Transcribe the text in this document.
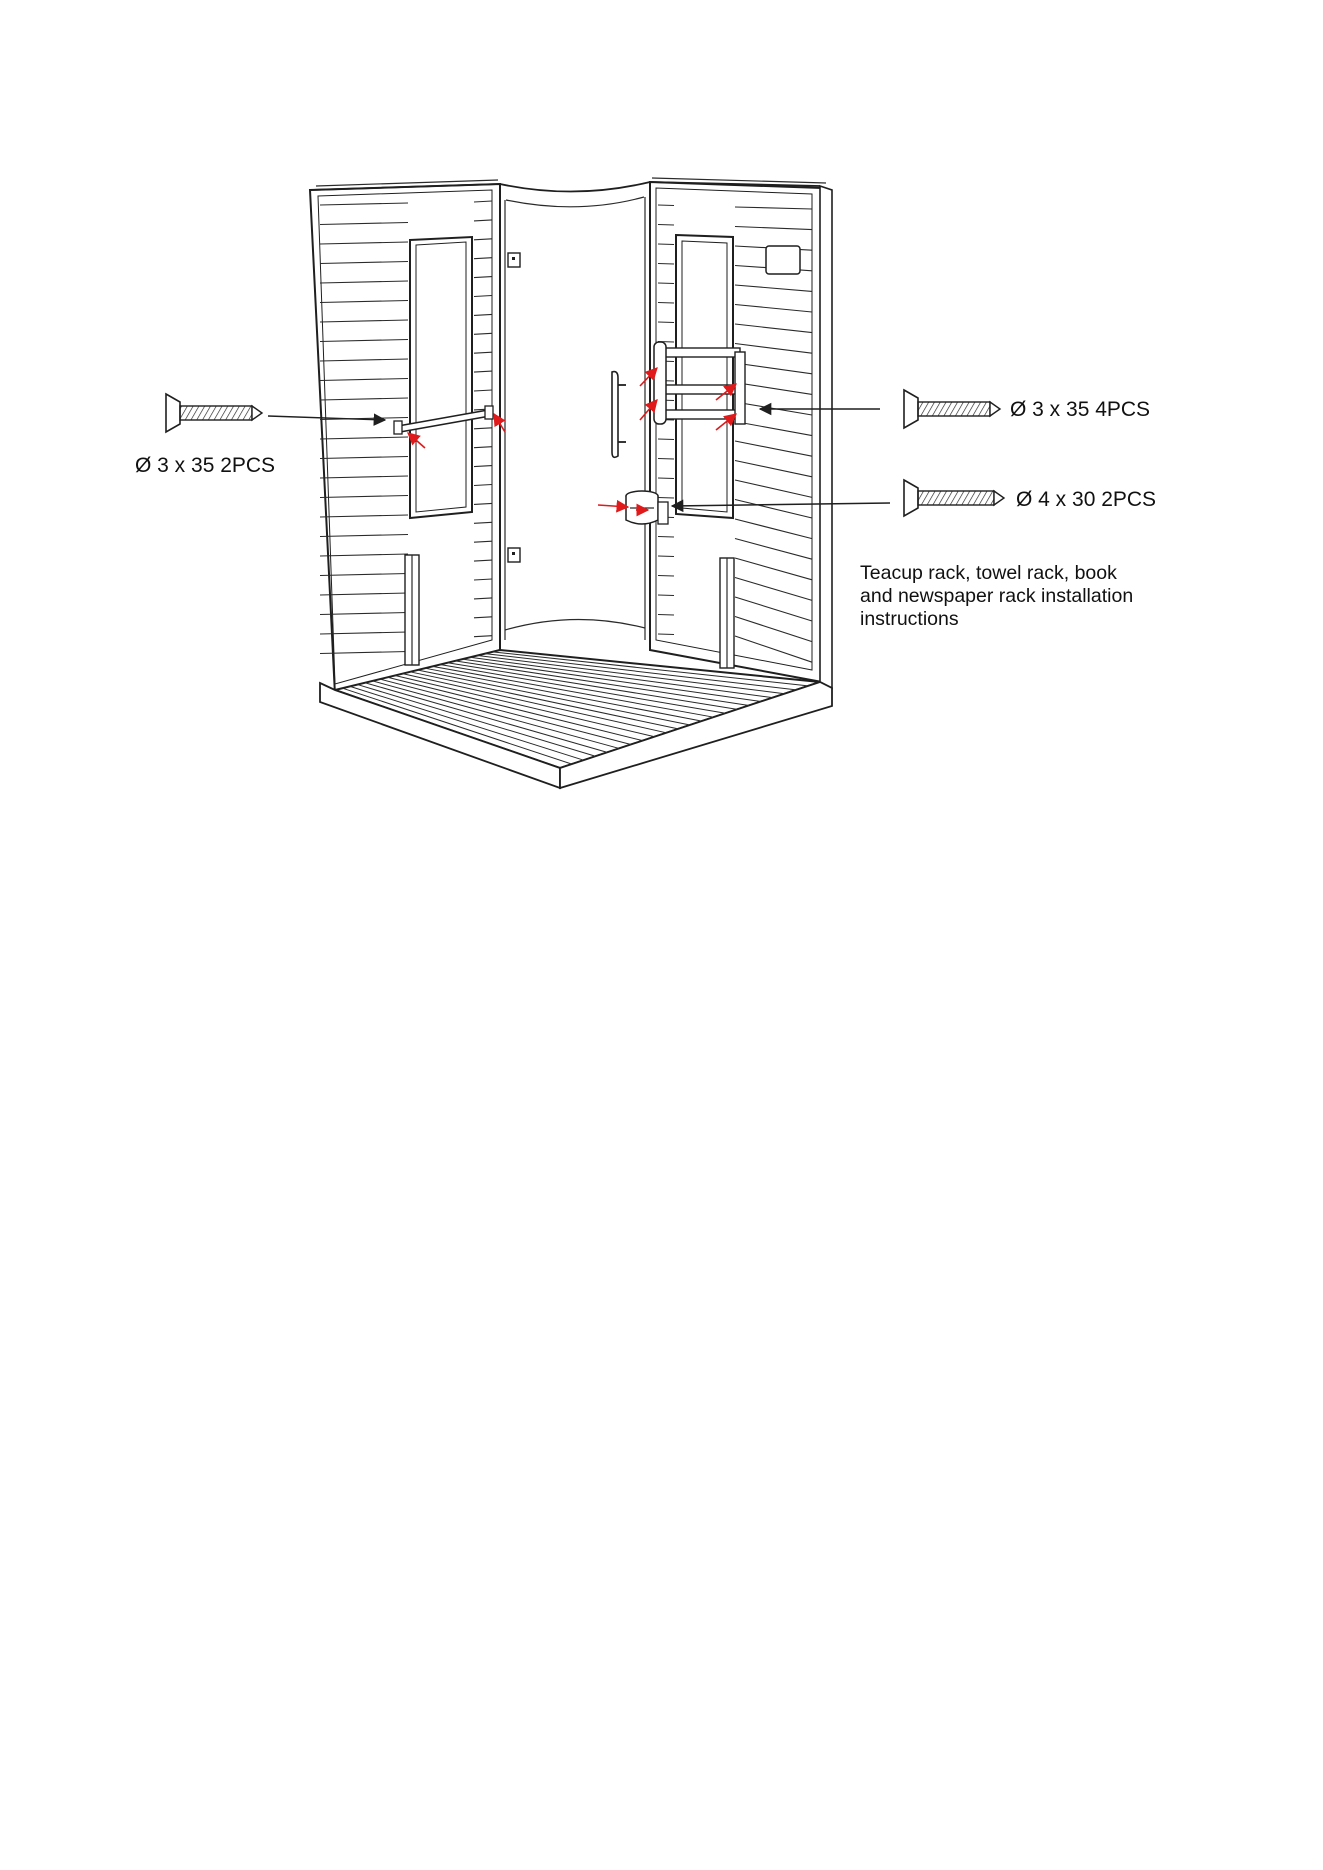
Ø 3 x 35 2PCS
Ø 3 x 35 4PCS
Ø 4 x 30 2PCS
Teacup rack, towel rack, book
and newspaper rack installation
instructions
